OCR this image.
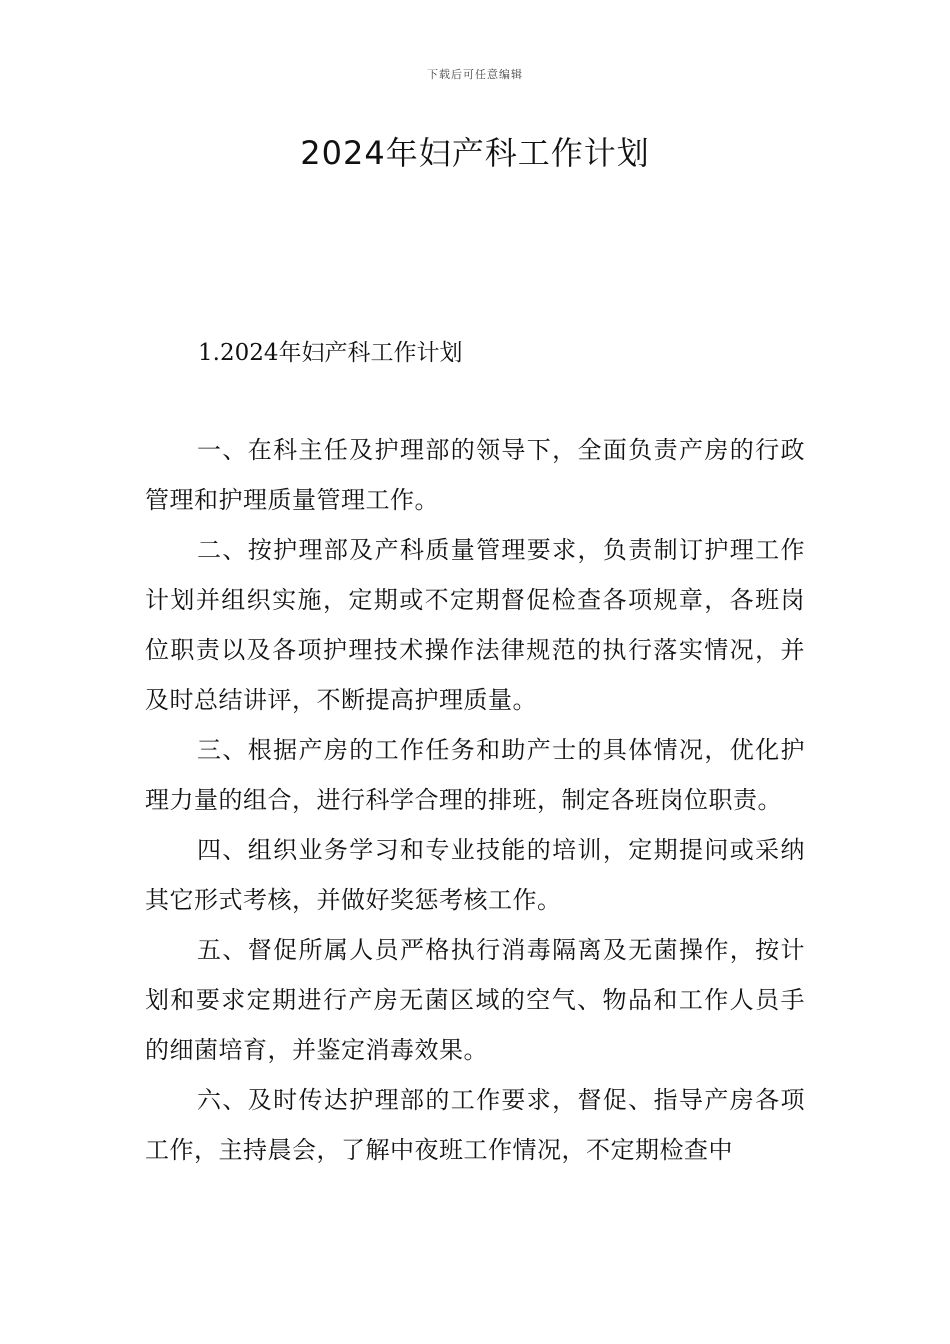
下载后可任意编辑
2024年妇产科工作计划
1.2024年妇产科工作计划

一、在科主任及护理部的领导下，全面负责产房的行政管理和护理质量管理工作。

二、按护理部及产科质量管理要求，负责制订护理工作计划并组织实施，定期或不定期督促检查各项规章，各班岗位职责以及各项护理技术操作法律规范的执行落实情况，并及时总结讲评，不断提高护理质量。

三、根据产房的工作任务和助产士的具体情况，优化护理力量的组合，进行科学合理的排班，制定各班岗位职责。

四、组织业务学习和专业技能的培训，定期提问或采纳其它形式考核，并做好奖惩考核工作。

五、督促所属人员严格执行消毒隔离及无菌操作，按计划和要求定期进行产房无菌区域的空气、物品和工作人员手的细菌培育，并鉴定消毒效果。

六、及时传达护理部的工作要求，督促、指导产房各项工作，主持晨会，了解中夜班工作情况，不定期检查中
